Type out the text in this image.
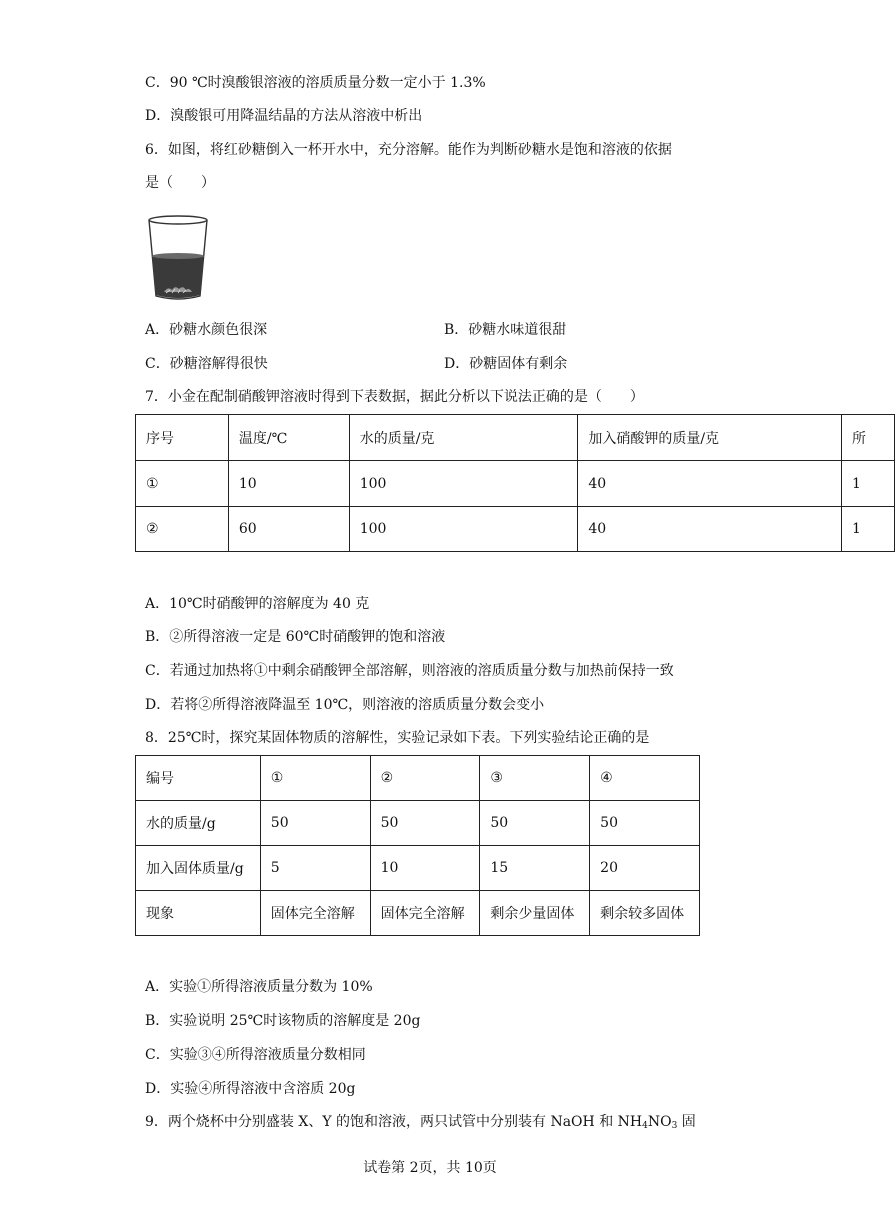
C．90 ℃时溴酸银溶液的溶质质量分数一定小于 1.3%
D．溴酸银可用降温结晶的方法从溶液中析出
6．如图，将红砂糖倒入一杯开水中，充分溶解。能作为判断砂糖水是饱和溶液的依据
是（　　）
A．砂糖水颜色很深	B．砂糖水味道很甜
C．砂糖溶解得很快	D．砂糖固体有剩余
7．小金在配制硝酸钾溶液时得到下表数据，据此分析以下说法正确的是（　　）
序号	温度/℃	水的质量/克	加入硝酸钾的质量/克	所
①	10	100	40	1
②	60	100	40	1
A．10℃时硝酸钾的溶解度为 40 克
B．②所得溶液一定是 60℃时硝酸钾的饱和溶液
C．若通过加热将①中剩余硝酸钾全部溶解，则溶液的溶质质量分数与加热前保持一致
D．若将②所得溶液降温至 10℃，则溶液的溶质质量分数会变小
8．25℃时，探究某固体物质的溶解性，实验记录如下表。下列实验结论正确的是
编号	①	②	③	④
水的质量/g	50	50	50	50
加入固体质量/g	5	10	15	20
现象	固体完全溶解	固体完全溶解	剩余少量固体	剩余较多固体
A．实验①所得溶液质量分数为 10%
B．实验说明 25℃时该物质的溶解度是 20g
C．实验③④所得溶液质量分数相同
D．实验④所得溶液中含溶质 20g
9．两个烧杯中分别盛装 X、Y 的饱和溶液，两只试管中分别装有 NaOH 和 $NH_4NO_3$ 固
试卷第 2页，共 10页
